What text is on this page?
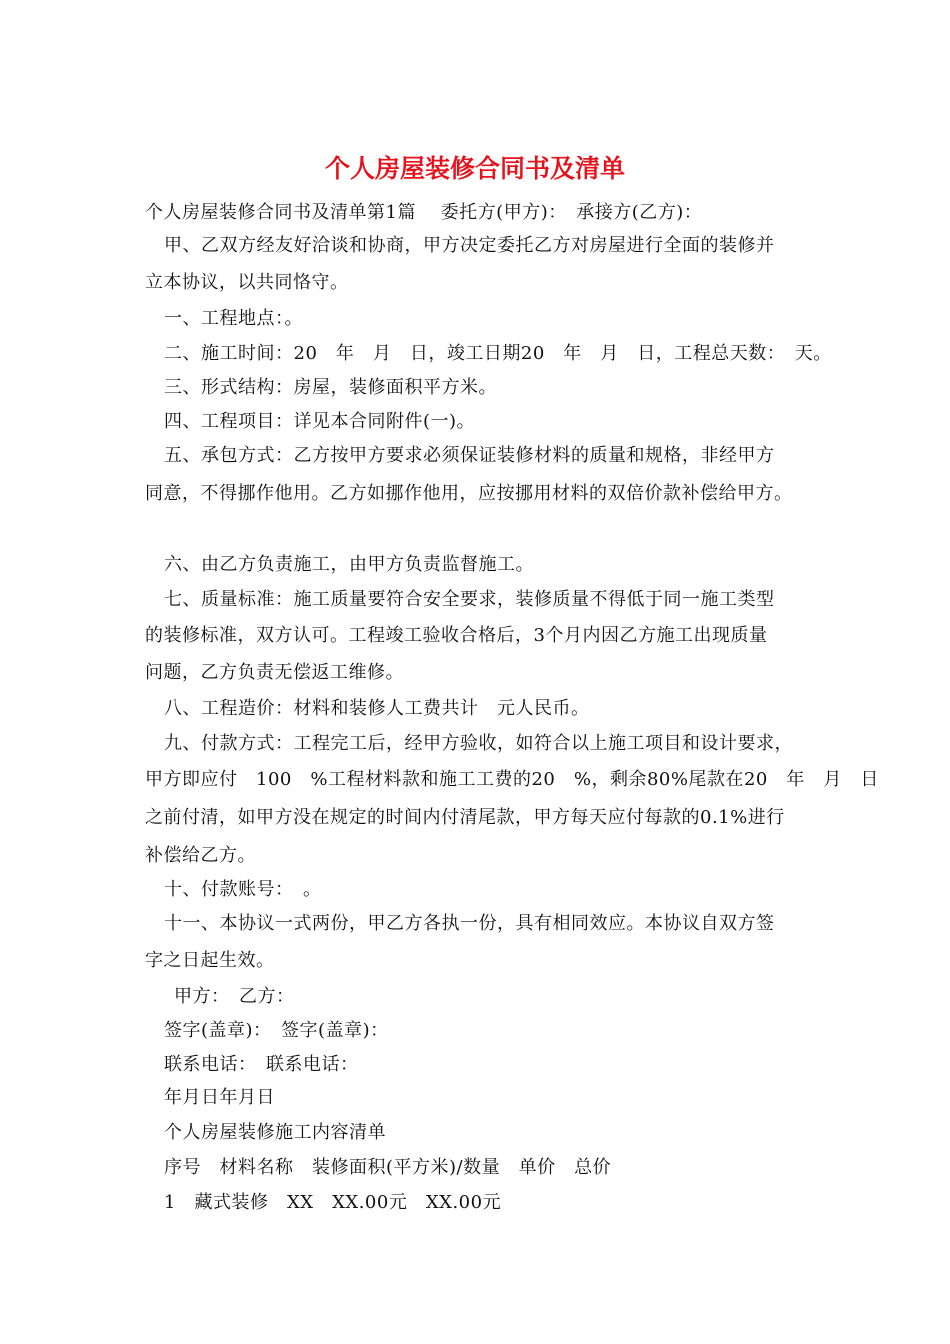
个人房屋装修合同书及清单
个人房屋装修合同书及清单第1篇　 委托方(甲方)：　承接方(乙方)：
甲、乙双方经友好洽谈和协商，甲方决定委托乙方对房屋进行全面的装修并
立本协议，以共同恪守。
一、工程地点：。
二、施工时间：20　年　月　日，竣工日期20　年　月　日，工程总天数：　天。
三、形式结构：房屋，装修面积平方米。
四、工程项目：详见本合同附件(一)。
五、承包方式：乙方按甲方要求必须保证装修材料的质量和规格，非经甲方
同意，不得挪作他用。乙方如挪作他用，应按挪用材料的双倍价款补偿给甲方。
六、由乙方负责施工，由甲方负责监督施工。
七、质量标准：施工质量要符合安全要求，装修质量不得低于同一施工类型
的装修标准，双方认可。工程竣工验收合格后，3个月内因乙方施工出现质量
问题，乙方负责无偿返工维修。
八、工程造价：材料和装修人工费共计　元人民币。
九、付款方式：工程完工后，经甲方验收，如符合以上施工项目和设计要求，
甲方即应付　100　%工程材料款和施工工费的20　%，剩余80%尾款在20　年　月　日
之前付清，如甲方没在规定的时间内付清尾款，甲方每天应付每款的0.1%进行
补偿给乙方。
十、付款账号：　。
十一、本协议一式两份，甲乙方各执一份，具有相同效应。本协议自双方签
字之日起生效。
甲方：　乙方：
签字(盖章)：　签字(盖章)：
联系电话：　联系电话：
年月日年月日
个人房屋装修施工内容清单
序号　材料名称　装修面积(平方米)/数量　单价　总价
1　藏式装修　XX　XX.00元　XX.00元
